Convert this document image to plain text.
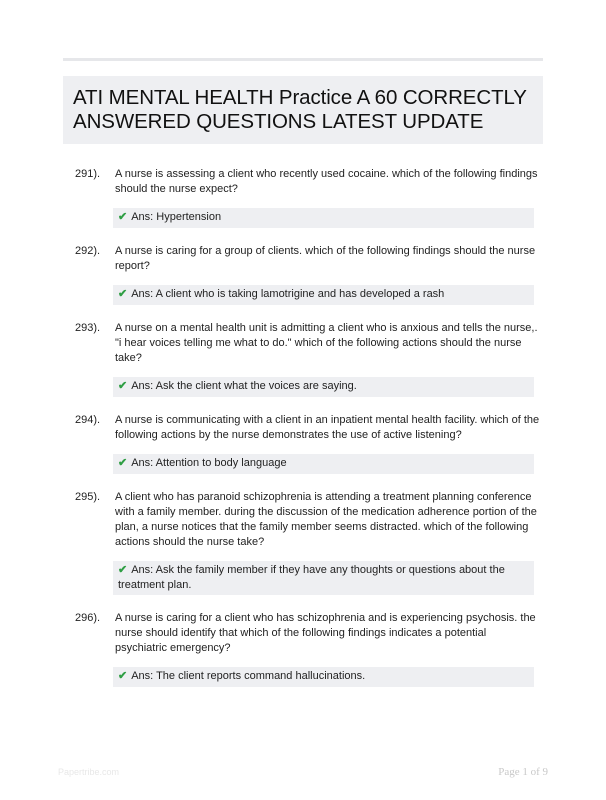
ATI MENTAL HEALTH Practice A 60 CORRECTLY ANSWERED QUESTIONS LATEST UPDATE
291).	A nurse is assessing a client who recently used cocaine. which of the following findings should the nurse expect?
✔ Ans: Hypertension
292).	A nurse is caring for a group of clients. which of the following findings should the nurse report?
✔ Ans: A client who is taking lamotrigine and has developed a rash
293).	A nurse on a mental health unit is admitting a client who is anxious and tells the nurse,. "i hear voices telling me what to do." which of the following actions should the nurse take?
✔ Ans: Ask the client what the voices are saying.
294).	A nurse is communicating with a client in an inpatient mental health facility. which of the following actions by the nurse demonstrates the use of active listening?
✔ Ans: Attention to body language
295).	A client who has paranoid schizophrenia is attending a treatment planning conference with a family member. during the discussion of the medication adherence portion of the plan, a nurse notices that the family member seems distracted. which of the following actions should the nurse take?
✔ Ans: Ask the family member if they have any thoughts or questions about the treatment plan.
296).	A nurse is caring for a client who has schizophrenia and is experiencing psychosis. the nurse should identify that which of the following findings indicates a potential psychiatric emergency?
✔ Ans: The client reports command hallucinations.
Papertribe.com	Page 1 of 9
